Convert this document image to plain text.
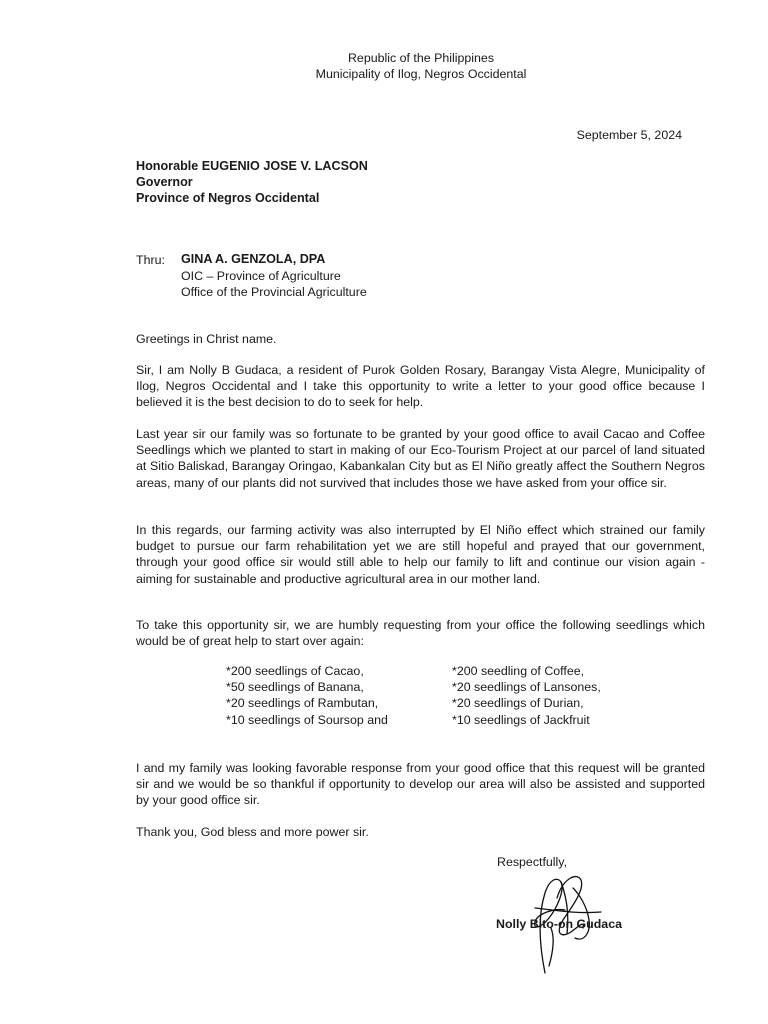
Republic of the Philippines
Municipality of Ilog, Negros Occidental
September 5, 2024
Honorable EUGENIO JOSE V. LACSON
Governor
Province of Negros Occidental
Thru: GINA A. GENZOLA, DPA
OIC – Province of Agriculture
Office of the Provincial Agriculture

Greetings in Christ name.

Sir, I am Nolly B Gudaca, a resident of Purok Golden Rosary, Barangay Vista Alegre, Municipality of Ilog, Negros Occidental and I take this opportunity to write a letter to your good office because I believed it is the best decision to do to seek for help.

Last year sir our family was so fortunate to be granted by your good office to avail Cacao and Coffee Seedlings which we planted to start in making of our Eco-Tourism Project at our parcel of land situated at Sitio Baliskad, Barangay Oringao, Kabankalan City but as El Niño greatly affect the Southern Negros areas, many of our plants did not survived that includes those we have asked from your office sir.

In this regards, our farming activity was also interrupted by El Niño effect which strained our family budget to pursue our farm rehabilitation yet we are still hopeful and prayed that our government, through your good office sir would still able to help our family to lift and continue our vision again - aiming for sustainable and productive agricultural area in our mother land.

To take this opportunity sir, we are humbly requesting from your office the following seedlings which would be of great help to start over again:

*200 seedlings of Cacao,	*200 seedling of Coffee,
*50 seedlings of Banana,	*20 seedlings of Lansones,
*20 seedlings of Rambutan,	*20 seedlings of Durian,
*10 seedlings of Soursop and	*10 seedlings of Jackfruit

I and my family was looking favorable response from your good office that this request will be granted sir and we would be so thankful if opportunity to develop our area will also be assisted and supported by your good office sir.

Thank you, God bless and more power sir.

Respectfully,
Nolly Bito-on Gudaca
